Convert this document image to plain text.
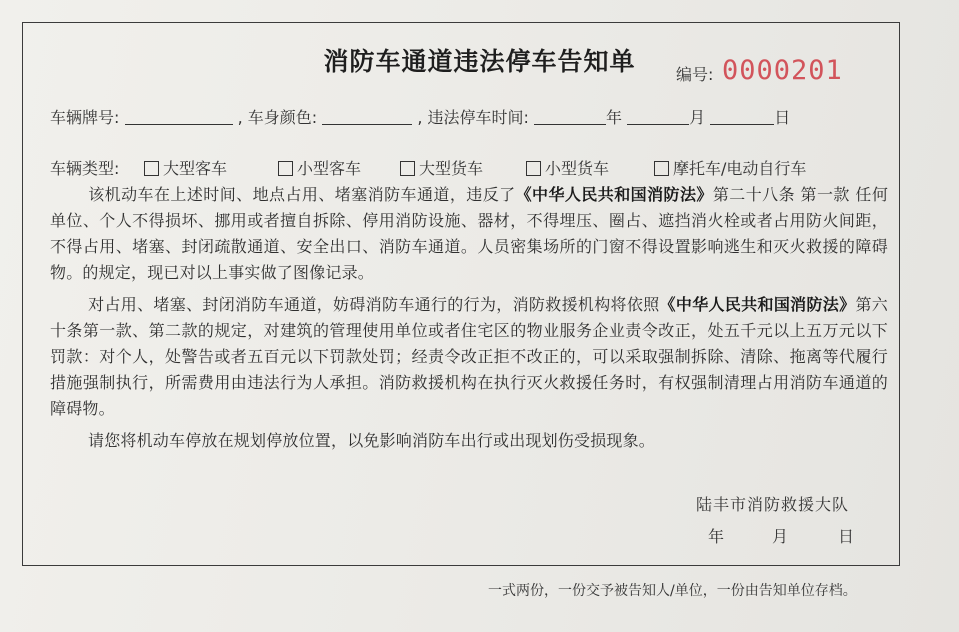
消防车通道违法停车告知单	编号: 0000201
车辆牌号:	, 车身颜色:	, 违法停车时间:	年	月	日
车辆类型:	大型客车	小型客车	大型货车	小型货车	摩托车/电动自行车

该机动车在上述时间、地点占用、堵塞消防车通道，违反了《中华人民共和国消防法》第二十八条 第一款 任何单位、个人不得损坏、挪用或者擅自拆除、停用消防设施、器材，不得埋压、圈占、遮挡消火栓或者占用防火间距，不得占用、堵塞、封闭疏散通道、安全出口、消防车通道。人员密集场所的门窗不得设置影响逃生和灭火救援的障碍物。的规定，现已对以上事实做了图像记录。

对占用、堵塞、封闭消防车通道，妨碍消防车通行的行为，消防救援机构将依照《中华人民共和国消防法》第六十条第一款、第二款的规定，对建筑的管理使用单位或者住宅区的物业服务企业责令改正，处五千元以上五万元以下罚款：对个人，处警告或者五百元以下罚款处罚；经责令改正拒不改正的，可以采取强制拆除、清除、拖离等代履行措施强制执行，所需费用由违法行为人承担。消防救援机构在执行灭火救援任务时，有权强制清理占用消防车通道的障碍物。

请您将机动车停放在规划停放位置，以免影响消防车出行或出现划伤受损现象。

陆丰市消防救援大队
年	月	日
一式两份，一份交予被告知人/单位，一份由告知单位存档。
